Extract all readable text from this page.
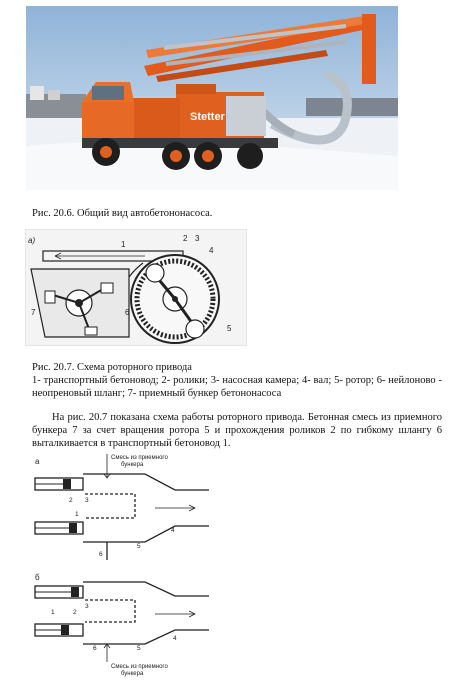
Stetter
Рис. 20.6. Общий вид автобетононасоса.
а)	1
2 3
4
5
6
7
Рис. 20.7. Схема роторного привода
1- транспортный бетоновод; 2- ролики; 3- насосная камера; 4- вал; 5- ротор; 6- нейлоново - неопреновый шланг; 7- приемный бункер бетононасоса
На рис. 20.7 показана схема работы роторного привода. Бетонная смесь из приемного бункера 7 за счет вращения ротора 5 и прохождения роликов 2 по гибкому шлангу 6 выталкивается в транспортный бетоновод 1.
а	Смесь из приемного
бункера
2 3
1
4
5
6
б
3
2
1
4
6	5
Смесь из приемного
бункера
